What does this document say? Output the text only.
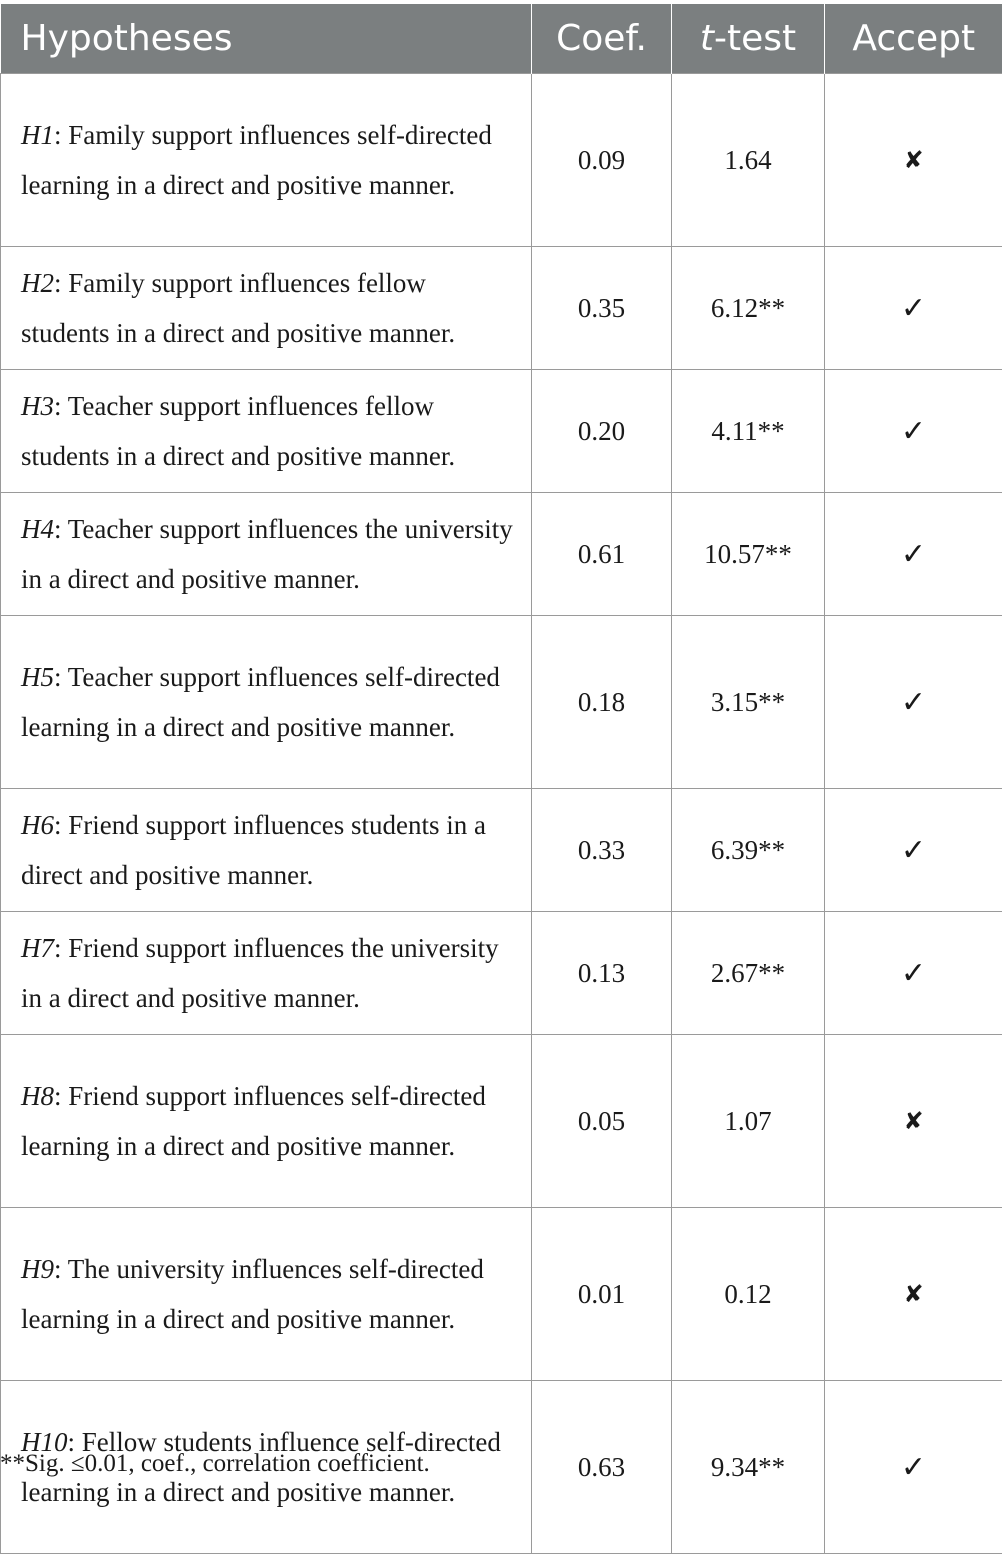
Hypotheses	Coef.	t-test	Accept
H1: Family support influences self-directed learning in a direct and positive manner.	0.09	1.64	✘
H2: Family support influences fellow students in a direct and positive manner.	0.35	6.12**	✓
H3: Teacher support influences fellow students in a direct and positive manner.	0.20	4.11**	✓
H4: Teacher support influences the university in a direct and positive manner.	0.61	10.57**	✓
H5: Teacher support influences self-directed learning in a direct and positive manner.	0.18	3.15**	✓
H6: Friend support influences students in a direct and positive manner.	0.33	6.39**	✓
H7: Friend support influences the university in a direct and positive manner.	0.13	2.67**	✓
H8: Friend support influences self-directed learning in a direct and positive manner.	0.05	1.07	✘
H9: The university influences self-directed learning in a direct and positive manner.	0.01	0.12	✘
H10: Fellow students influence self-directed learning in a direct and positive manner.	0.63	9.34**	✓

**Sig. ≤0.01, coef., correlation coefficient.
